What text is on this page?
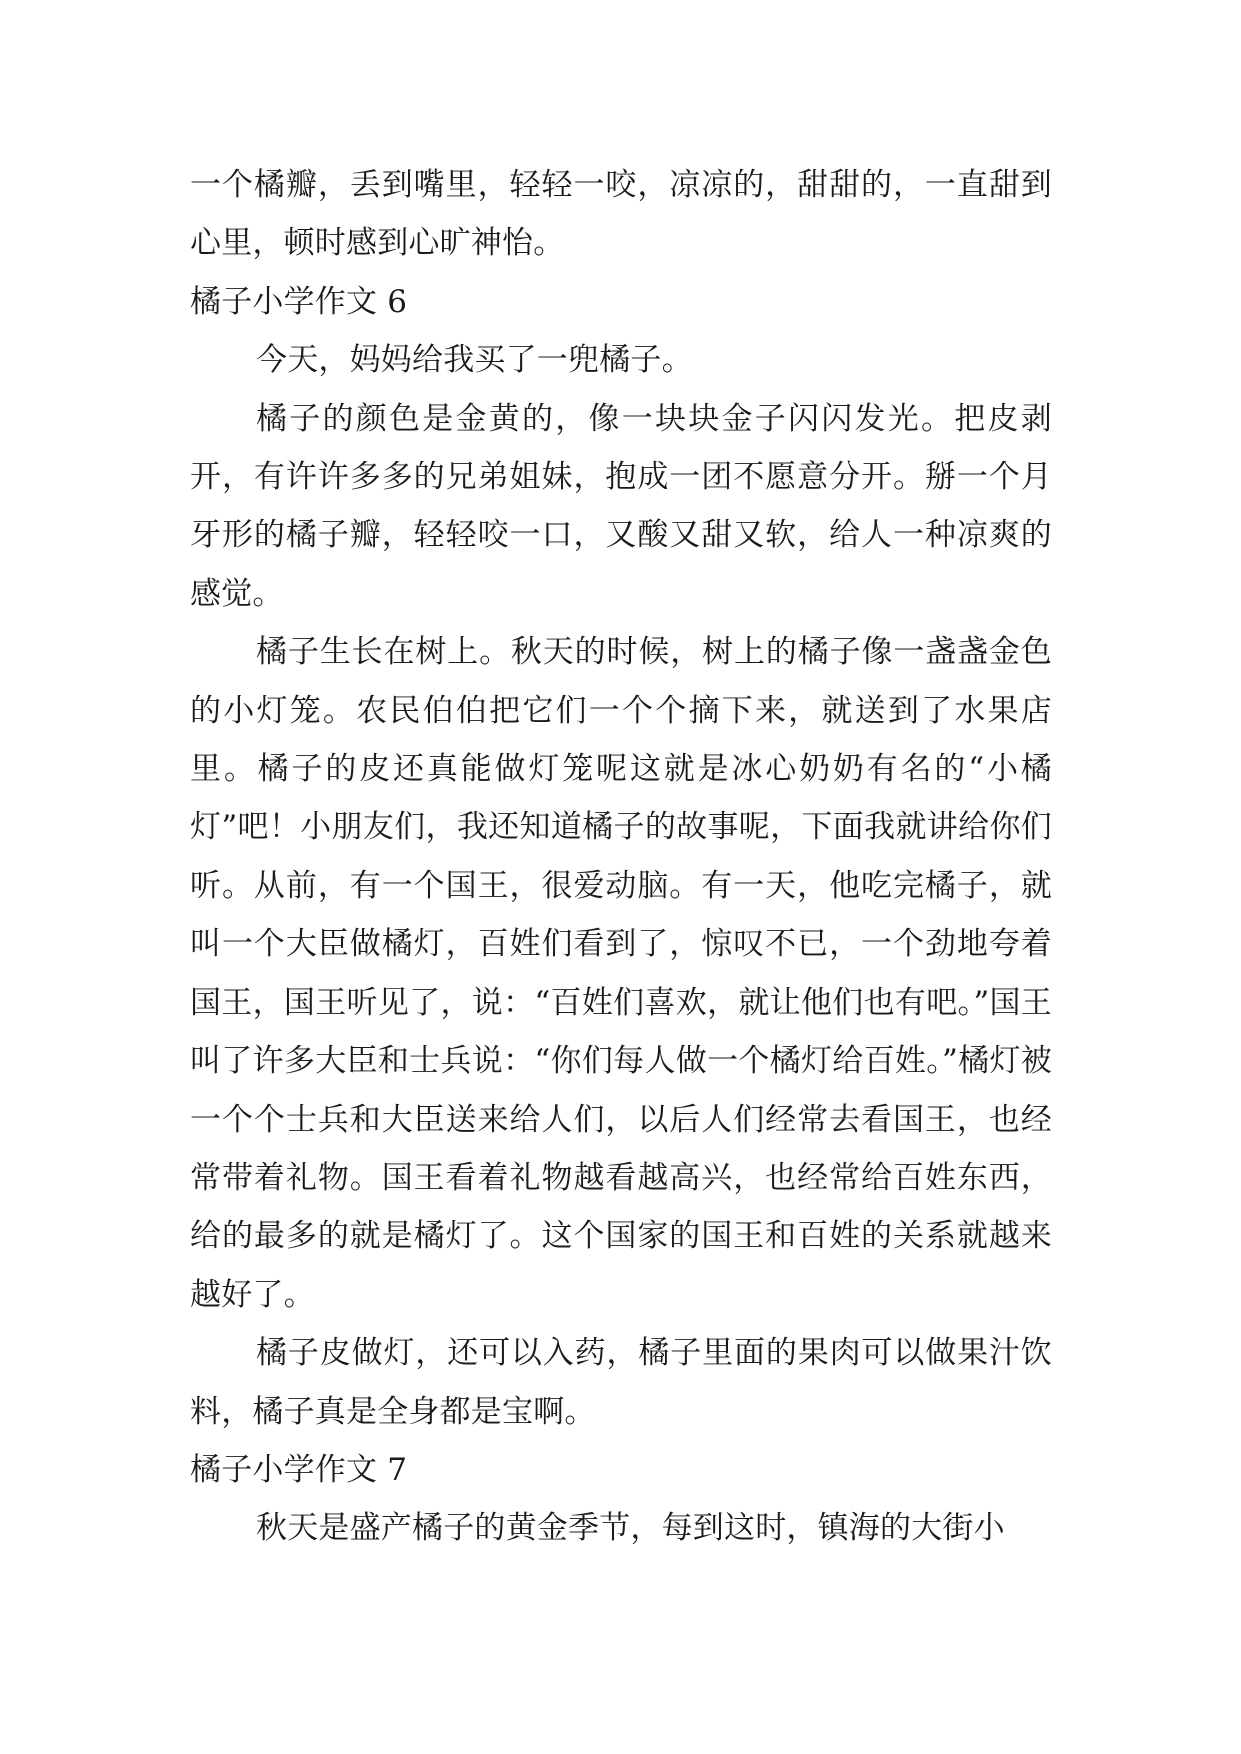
一个橘瓣，丢到嘴里，轻轻一咬，凉凉的，甜甜的，一直甜到心里，顿时感到心旷神怡。

橘子小学作文 6

今天，妈妈给我买了一兜橘子。

橘子的颜色是金黄的，像一块块金子闪闪发光。把皮剥开，有许许多多的兄弟姐妹，抱成一团不愿意分开。掰一个月牙形的橘子瓣，轻轻咬一口，又酸又甜又软，给人一种凉爽的感觉。

橘子生长在树上。秋天的时候，树上的橘子像一盏盏金色的小灯笼。农民伯伯把它们一个个摘下来，就送到了水果店里。橘子的皮还真能做灯笼呢这就是冰心奶奶有名的“小橘灯”吧！小朋友们，我还知道橘子的故事呢，下面我就讲给你们听。从前，有一个国王，很爱动脑。有一天，他吃完橘子，就叫一个大臣做橘灯，百姓们看到了，惊叹不已，一个劲地夸着国王，国王听见了，说：“百姓们喜欢，就让他们也有吧。”国王叫了许多大臣和士兵说：“你们每人做一个橘灯给百姓。”橘灯被一个个士兵和大臣送来给人们，以后人们经常去看国王，也经常带着礼物。国王看着礼物越看越高兴，也经常给百姓东西，给的最多的就是橘灯了。这个国家的国王和百姓的关系就越来越好了。

橘子皮做灯，还可以入药，橘子里面的果肉可以做果汁饮料，橘子真是全身都是宝啊。

橘子小学作文 7

秋天是盛产橘子的黄金季节，每到这时，镇海的大街小
